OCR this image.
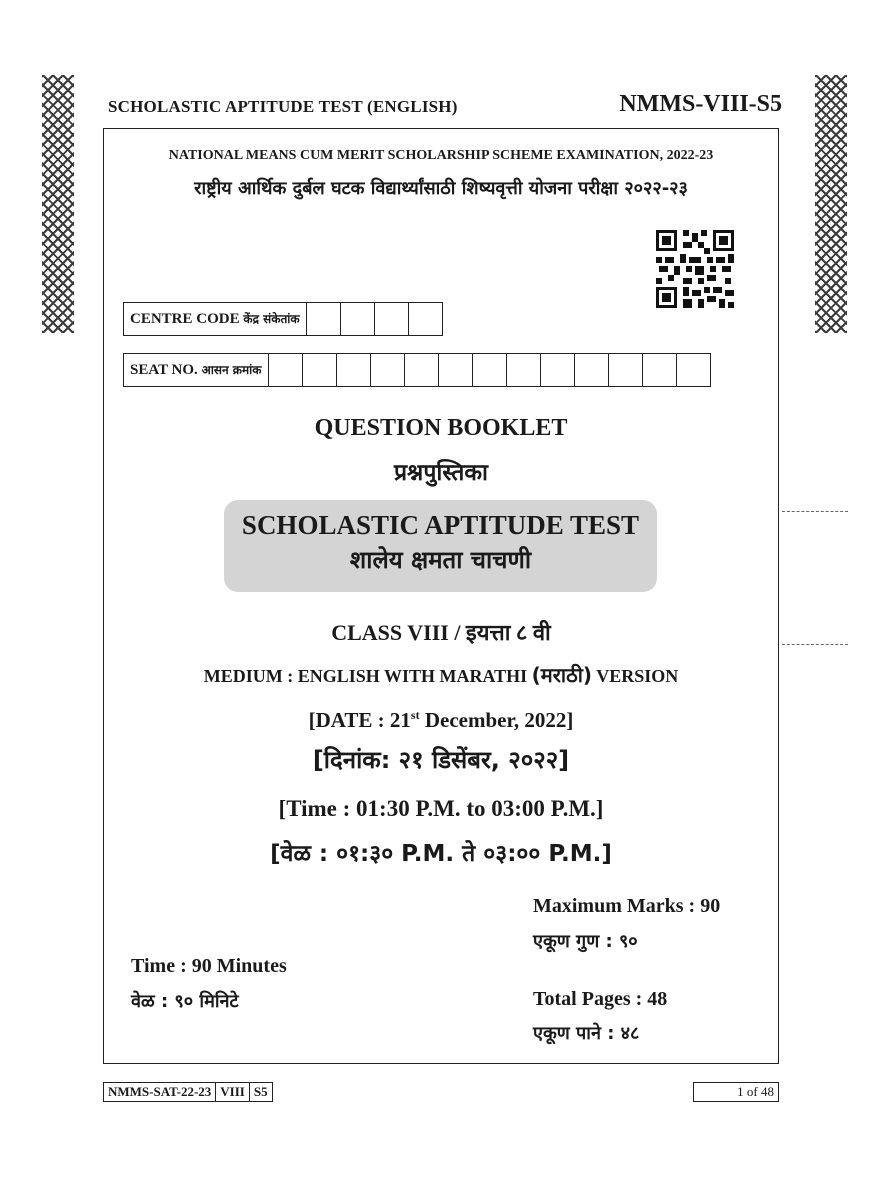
SCHOLASTIC APTITUDE TEST (ENGLISH)	NMMS-VIII-S5
NATIONAL MEANS CUM MERIT SCHOLARSHIP SCHEME EXAMINATION, 2022-23
राष्ट्रीय आर्थिक दुर्बल घटक विद्यार्थ्यांसाठी शिष्यवृत्ती योजना परीक्षा २०२२-२३
CENTRE CODE केंद्र संकेतांक				
SEAT NO. आसन क्रमांक													
QUESTION BOOKLET
प्रश्नपुस्तिका
SCHOLASTIC APTITUDE TEST
शालेय क्षमता चाचणी
CLASS VIII / इयत्ता ८ वी
MEDIUM : ENGLISH WITH MARATHI (मराठी) VERSION
[DATE : 21st December, 2022]
[दिनांक: २१ डिसेंबर, २०२२]
[Time : 01:30 P.M. to 03:00 P.M.]
[वेळ : ०१:३० P.M. ते ०३:०० P.M.]
Maximum Marks : 90
एकूण गुण : ९०
Time : 90 Minutes
वेळ : ९० मिनिटे	Total Pages : 48
एकूण पाने : ४८
NMMS-SAT-22-23	VIII	S5	1 of 48
